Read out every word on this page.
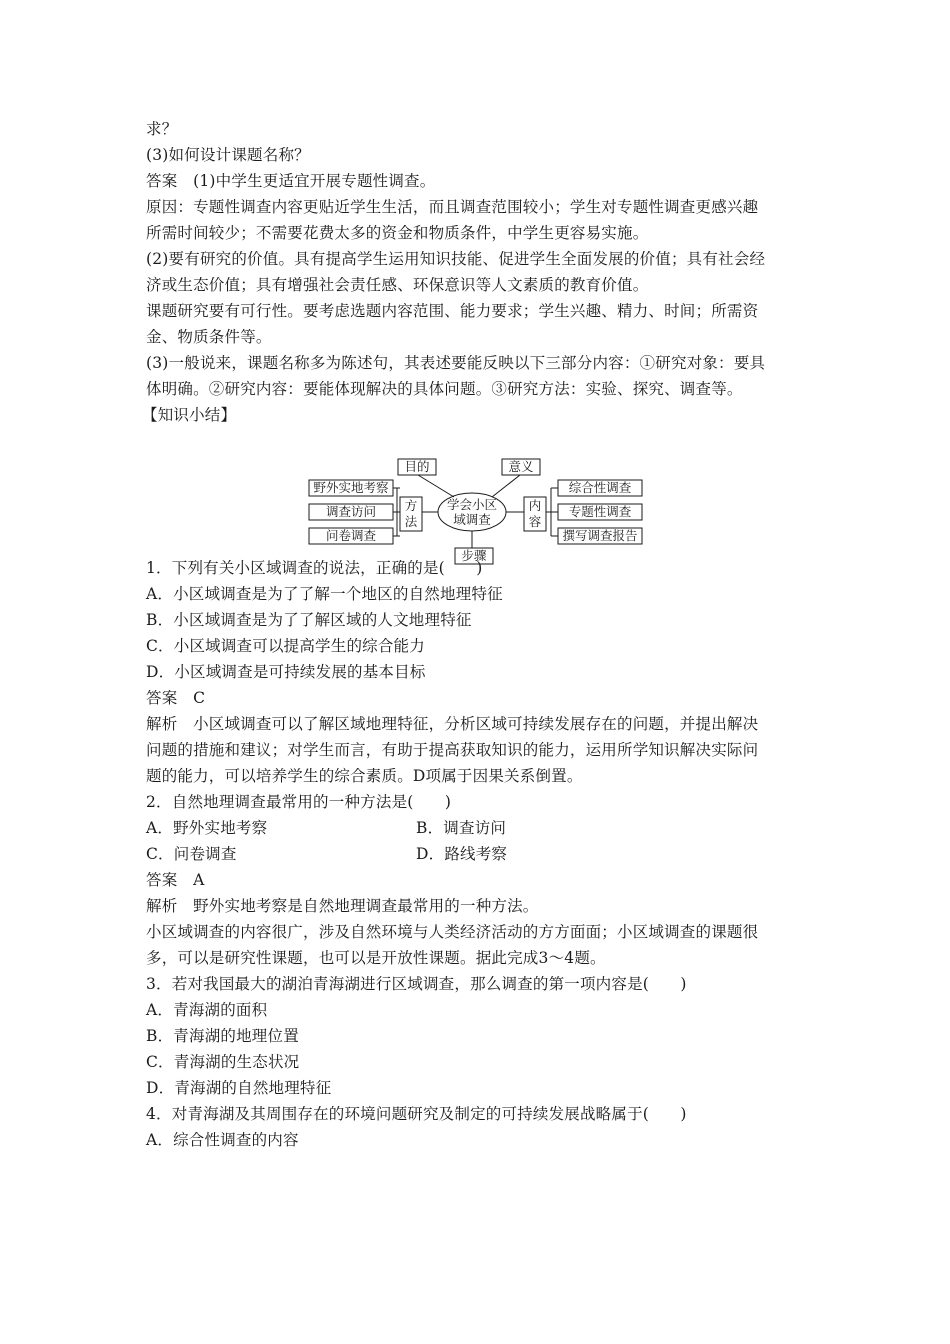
求？
(3)如何设计课题名称？
答案　(1)中学生更适宜开展专题性调查。
原因：专题性调查内容更贴近学生生活，而且调查范围较小；学生对专题性调查更感兴趣
所需时间较少；不需要花费太多的资金和物质条件，中学生更容易实施。
(2)要有研究的价值。具有提高学生运用知识技能、促进学生全面发展的价值；具有社会经
济或生态价值；具有增强社会责任感、环保意识等人文素质的教育价值。
课题研究要有可行性。要考虑选题内容范围、能力要求；学生兴趣、精力、时间；所需资
金、物质条件等。
(3)一般说来，课题名称多为陈述句，其表述要能反映以下三部分内容：①研究对象：要具
体明确。②研究内容：要能体现解决的具体问题。③研究方法：实验、探究、调查等。
【知识小结】
1．下列有关小区域调查的说法，正确的是(　　)
A．小区域调查是为了了解一个地区的自然地理特征
B．小区域调查是为了了解区域的人文地理特征
C．小区域调查可以提高学生的综合能力
D．小区域调查是可持续发展的基本目标
答案　C
解析　小区域调查可以了解区域地理特征，分析区域可持续发展存在的问题，并提出解决
问题的措施和建议；对学生而言，有助于提高获取知识的能力，运用所学知识解决实际问
题的能力，可以培养学生的综合素质。D项属于因果关系倒置。
2．自然地理调查最常用的一种方法是(　　)
A．野外实地考察	B．调查访问
C．问卷调查	D．路线考察
答案　A
解析　野外实地考察是自然地理调查最常用的一种方法。
小区域调查的内容很广，涉及自然环境与人类经济活动的方方面面；小区域调查的课题很
多，可以是研究性课题，也可以是开放性课题。据此完成3～4题。
3．若对我国最大的湖泊青海湖进行区域调查，那么调查的第一项内容是(　　)
A．青海湖的面积
B．青海湖的地理位置
C．青海湖的生态状况
D．青海湖的自然地理特征
4．对青海湖及其周围存在的环境问题研究及制定的可持续发展战略属于(　　)
A．综合性调查的内容
目的	意义
步骤
学会小区
域调查
方
法
内
容
野外实地考察
调查访问
问卷调查
综合性调查
专题性调查
撰写调查报告
